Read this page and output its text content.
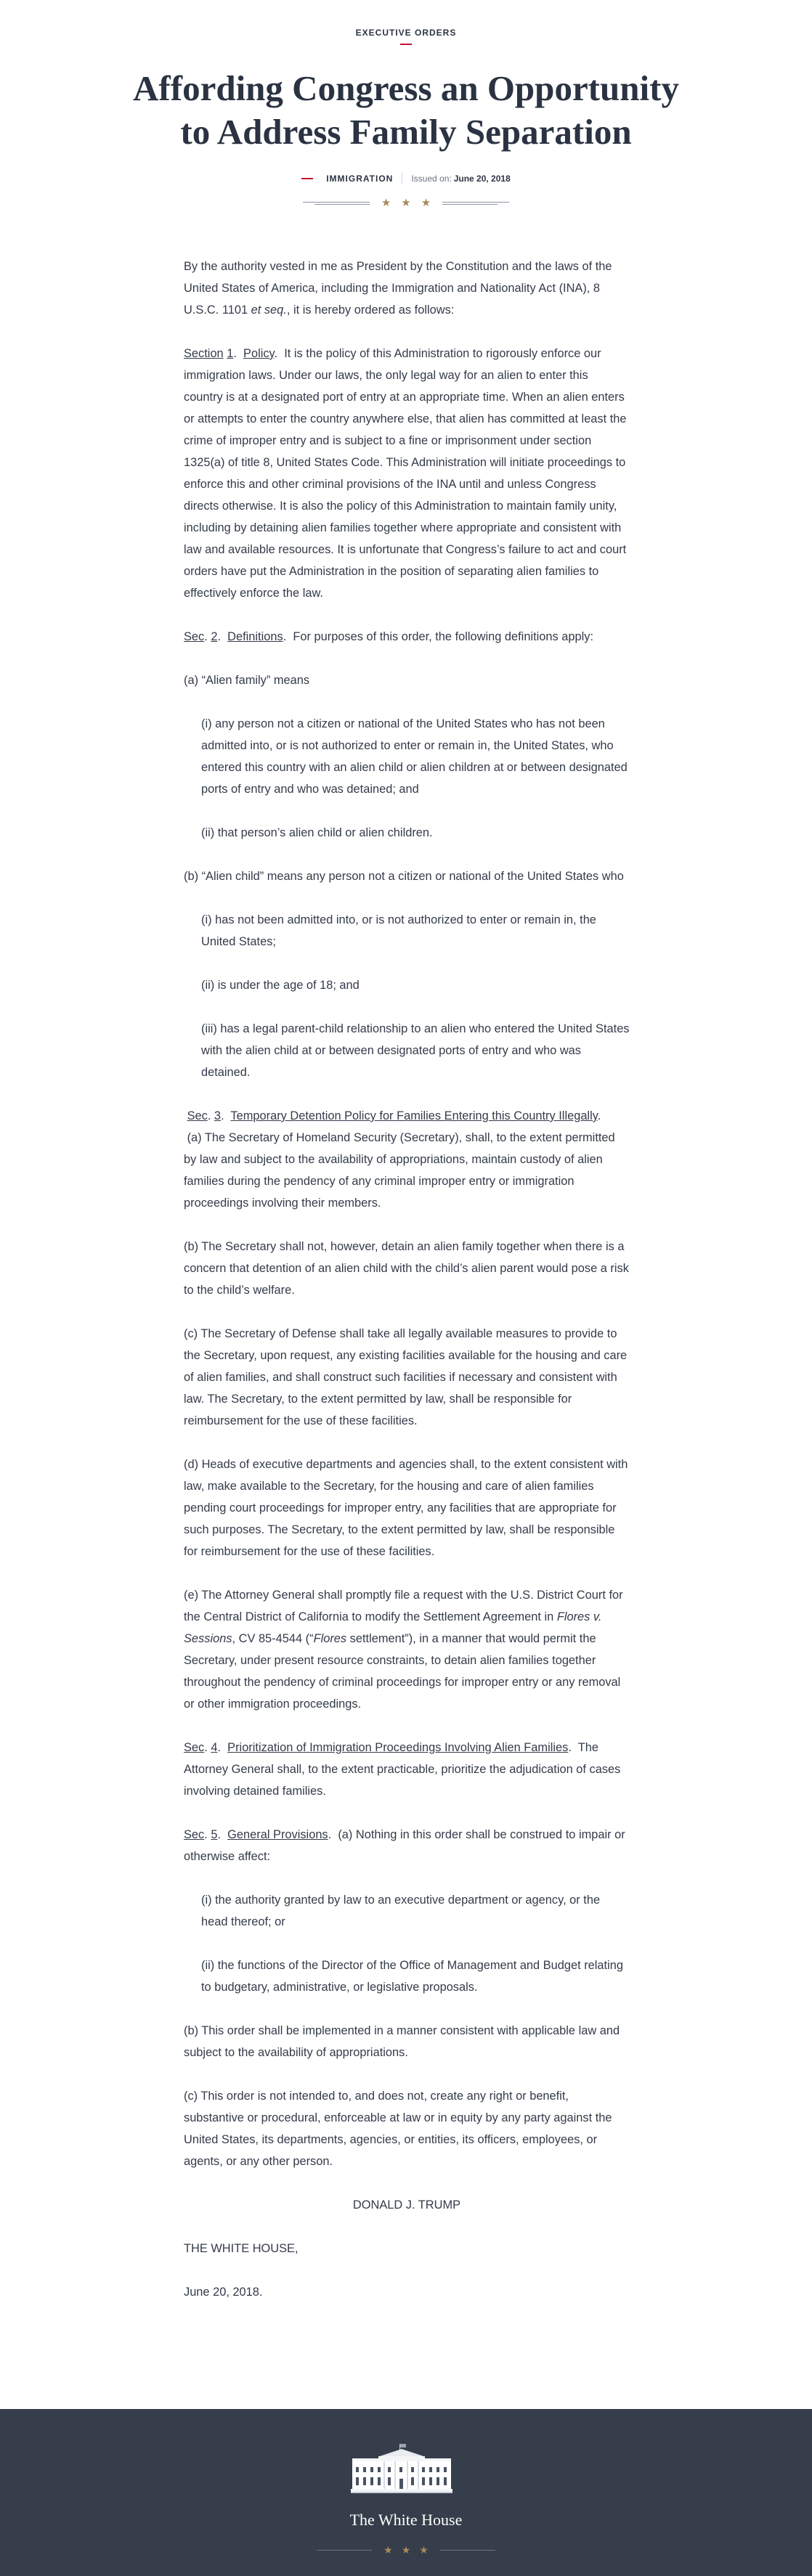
EXECUTIVE ORDERS
Affording Congress an Opportunity to Address Family Separation
IMMIGRATION Issued on: June 20, 2018
★ ★ ★

By the authority vested in me as President by the Constitution and the laws of the United States of America, including the Immigration and Nationality Act (INA), 8 U.S.C. 1101 et seq., it is hereby ordered as follows:

Section 1.  Policy.  It is the policy of this Administration to rigorously enforce our immigration laws. Under our laws, the only legal way for an alien to enter this country is at a designated port of entry at an appropriate time. When an alien enters or attempts to enter the country anywhere else, that alien has committed at least the crime of improper entry and is subject to a fine or imprisonment under section 1325(a) of title 8, United States Code. This Administration will initiate proceedings to enforce this and other criminal provisions of the INA until and unless Congress directs otherwise. It is also the policy of this Administration to maintain family unity, including by detaining alien families together where appropriate and consistent with law and available resources. It is unfortunate that Congress’s failure to act and court orders have put the Administration in the position of separating alien families to effectively enforce the law.

Sec. 2.  Definitions.  For purposes of this order, the following definitions apply:

(a) “Alien family” means

(i) any person not a citizen or national of the United States who has not been admitted into, or is not authorized to enter or remain in, the United States, who entered this country with an alien child or alien children at or between designated ports of entry and who was detained; and

(ii) that person’s alien child or alien children.

(b) “Alien child” means any person not a citizen or national of the United States who

(i) has not been admitted into, or is not authorized to enter or remain in, the United States;

(ii) is under the age of 18; and

(iii) has a legal parent-child relationship to an alien who entered the United States with the alien child at or between designated ports of entry and who was detained.

Sec. 3.  Temporary Detention Policy for Families Entering this Country Illegally.
(a) The Secretary of Homeland Security (Secretary), shall, to the extent permitted by law and subject to the availability of appropriations, maintain custody of alien families during the pendency of any criminal improper entry or immigration proceedings involving their members.

(b) The Secretary shall not, however, detain an alien family together when there is a concern that detention of an alien child with the child’s alien parent would pose a risk to the child’s welfare.

(c) The Secretary of Defense shall take all legally available measures to provide to the Secretary, upon request, any existing facilities available for the housing and care of alien families, and shall construct such facilities if necessary and consistent with law. The Secretary, to the extent permitted by law, shall be responsible for reimbursement for the use of these facilities.

(d) Heads of executive departments and agencies shall, to the extent consistent with law, make available to the Secretary, for the housing and care of alien families pending court proceedings for improper entry, any facilities that are appropriate for such purposes. The Secretary, to the extent permitted by law, shall be responsible for reimbursement for the use of these facilities.

(e) The Attorney General shall promptly file a request with the U.S. District Court for the Central District of California to modify the Settlement Agreement in Flores v. Sessions, CV 85-4544 (“Flores settlement”), in a manner that would permit the Secretary, under present resource constraints, to detain alien families together throughout the pendency of criminal proceedings for improper entry or any removal or other immigration proceedings.

Sec. 4.  Prioritization of Immigration Proceedings Involving Alien Families.  The Attorney General shall, to the extent practicable, prioritize the adjudication of cases involving detained families.

Sec. 5.  General Provisions.  (a) Nothing in this order shall be construed to impair or otherwise affect:

(i) the authority granted by law to an executive department or agency, or the head thereof; or

(ii) the functions of the Director of the Office of Management and Budget relating to budgetary, administrative, or legislative proposals.

(b) This order shall be implemented in a manner consistent with applicable law and subject to the availability of appropriations.

(c) This order is not intended to, and does not, create any right or benefit, substantive or procedural, enforceable at law or in equity by any party against the United States, its departments, agencies, or entities, its officers, employees, or agents, or any other person.

DONALD J. TRUMP

THE WHITE HOUSE,

June 20, 2018.

The White House
★ ★ ★
